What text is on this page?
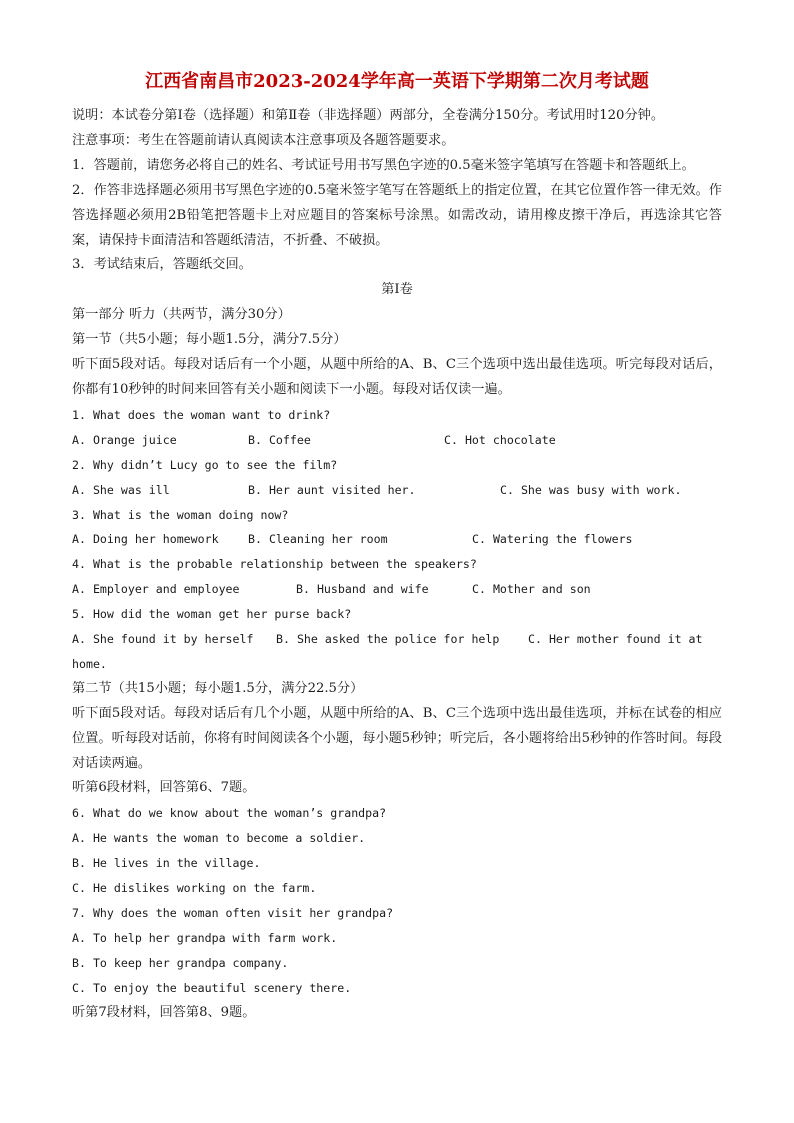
江西省南昌市2023-2024学年高一英语下学期第二次月考试题

说明：本试卷分第Ⅰ卷（选择题）和第Ⅱ卷（非选择题）两部分，全卷满分150分。考试用时120分钟。

注意事项：考生在答题前请认真阅读本注意事项及各题答题要求。

1．答题前，请您务必将自己的姓名、考试证号用书写黑色字迹的0.5毫米签字笔填写在答题卡和答题纸上。

2．作答非选择题必须用书写黑色字迹的0.5毫米签字笔写在答题纸上的指定位置，在其它位置作答一律无效。作答选择题必须用2B铅笔把答题卡上对应题目的答案标号涂黑。如需改动，请用橡皮擦干净后，再选涂其它答案，请保持卡面清洁和答题纸清洁，不折叠、不破损。

3．考试结束后，答题纸交回。

第Ⅰ卷

第一部分 听力（共两节，满分30分）

第一节（共5小题；每小题1.5分，满分7.5分）

听下面5段对话。每段对话后有一个小题，从题中所给的A、B、C三个选项中选出最佳选项。听完每段对话后，你都有10秒钟的时间来回答有关小题和阅读下一小题。每段对话仅读一遍。

1. What does the woman want to drink?

A. Orange juice	B. Coffee	C. Hot chocolate

2. Why didn’t Lucy go to see the film?

A. She was ill	B. Her aunt visited her.	C. She was busy with work.

3. What is the woman doing now?

A. Doing her homework	B. Cleaning her room	C. Watering the flowers

4. What is the probable relationship between the speakers?

A. Employer and employee	B. Husband and wife	C. Mother and son

5. How did the woman get her purse back?

A. She found it by herself	B. She asked the police for help	C. Her mother found it at

home.

第二节（共15小题；每小题1.5分，满分22.5分）

听下面5段对话。每段对话后有几个小题，从题中所给的A、B、C三个选项中选出最佳选项，并标在试卷的相应位置。听每段对话前，你将有时间阅读各个小题，每小题5秒钟；听完后，各小题将给出5秒钟的作答时间。每段对话读两遍。

听第6段材料，回答第6、7题。

6. What do we know about the woman’s grandpa?

A. He wants the woman to become a soldier.

B. He lives in the village.

C. He dislikes working on the farm.

7. Why does the woman often visit her grandpa?

A. To help her grandpa with farm work.

B. To keep her grandpa company.

C. To enjoy the beautiful scenery there.

听第7段材料，回答第8、9题。
